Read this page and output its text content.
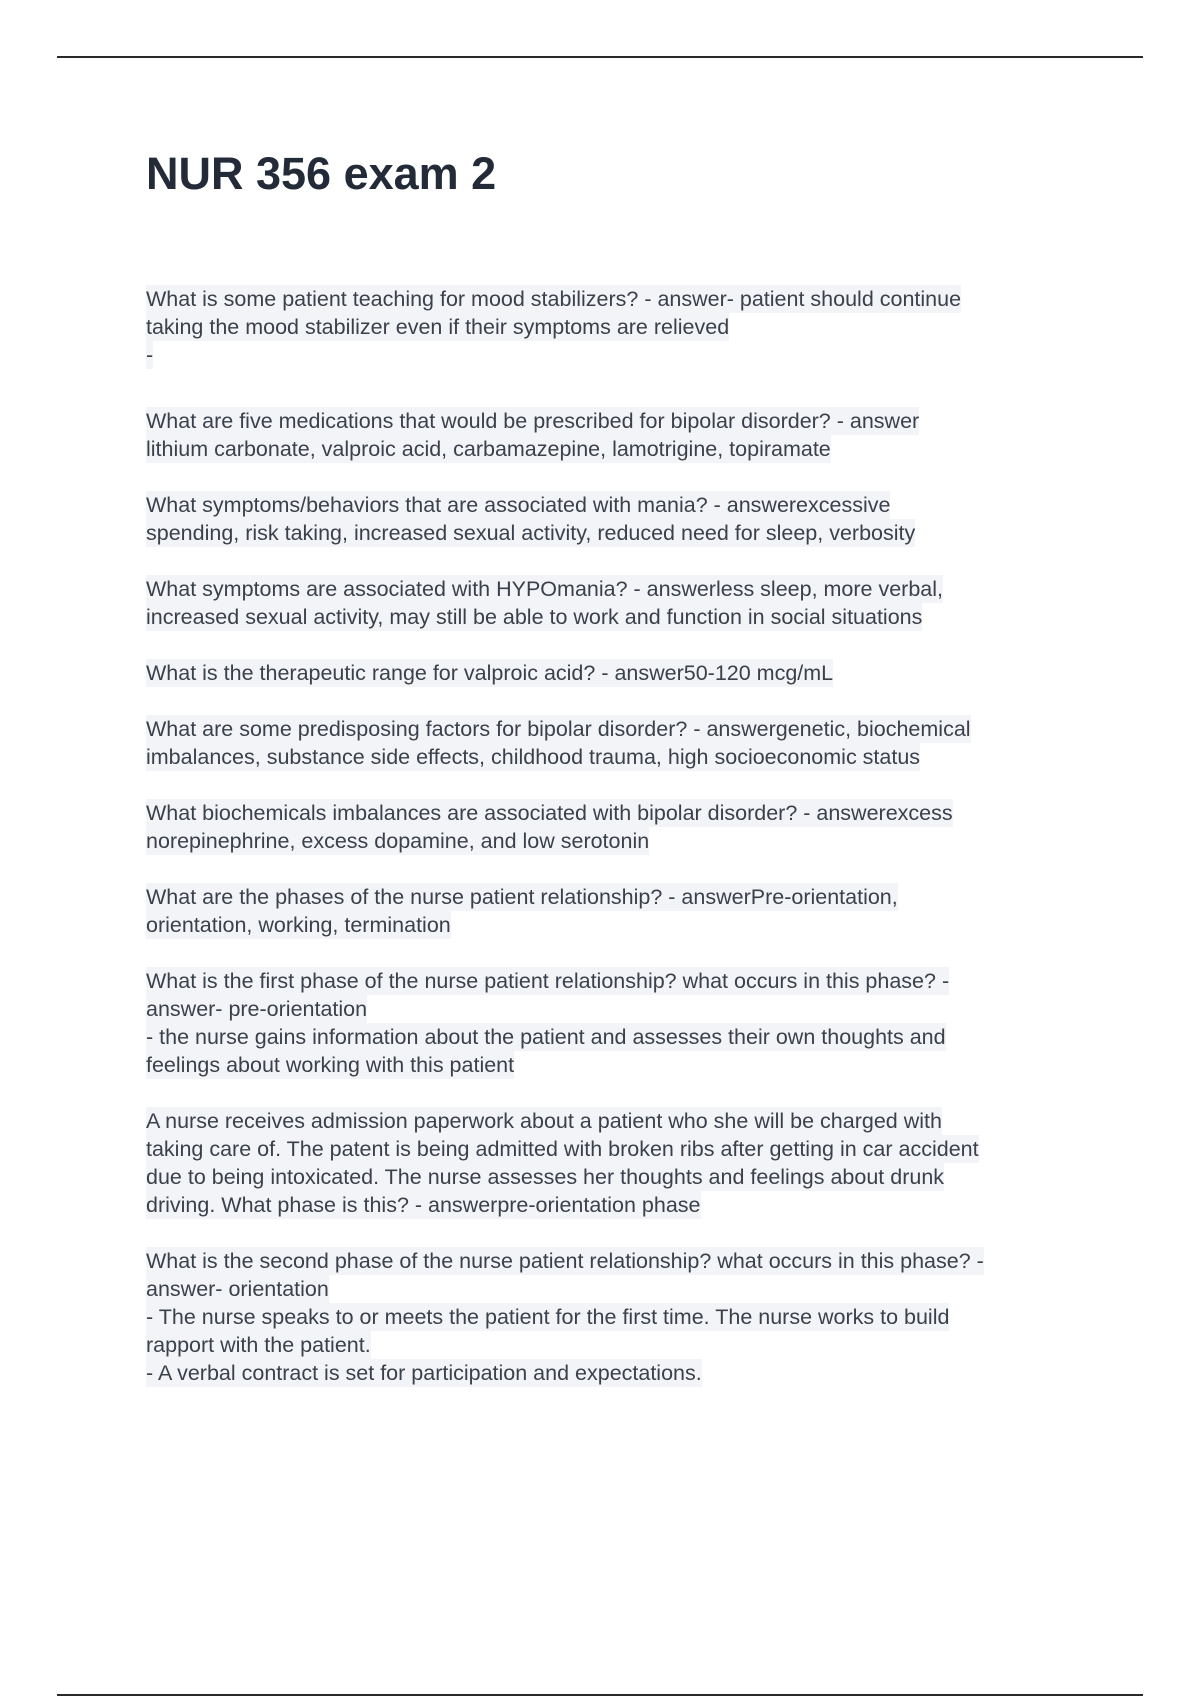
NUR 356 exam 2

What is some patient teaching for mood stabilizers? - answer- patient should continue
taking the mood stabilizer even if their symptoms are relieved
-

What are five medications that would be prescribed for bipolar disorder? - answer
lithium carbonate, valproic acid, carbamazepine, lamotrigine, topiramate

What symptoms/behaviors that are associated with mania? - answerexcessive
spending, risk taking, increased sexual activity, reduced need for sleep, verbosity

What symptoms are associated with HYPOmania? - answerless sleep, more verbal,
increased sexual activity, may still be able to work and function in social situations

What is the therapeutic range for valproic acid? - answer50-120 mcg/mL

What are some predisposing factors for bipolar disorder? - answergenetic, biochemical
imbalances, substance side effects, childhood trauma, high socioeconomic status

What biochemicals imbalances are associated with bipolar disorder? - answerexcess
norepinephrine, excess dopamine, and low serotonin

What are the phases of the nurse patient relationship? - answerPre-orientation,
orientation, working, termination

What is the first phase of the nurse patient relationship? what occurs in this phase? -
answer- pre-orientation
- the nurse gains information about the patient and assesses their own thoughts and
feelings about working with this patient

A nurse receives admission paperwork about a patient who she will be charged with
taking care of. The patent is being admitted with broken ribs after getting in car accident
due to being intoxicated. The nurse assesses her thoughts and feelings about drunk
driving. What phase is this? - answerpre-orientation phase

What is the second phase of the nurse patient relationship? what occurs in this phase? -
answer- orientation
- The nurse speaks to or meets the patient for the first time. The nurse works to build
rapport with the patient.
- A verbal contract is set for participation and expectations.
